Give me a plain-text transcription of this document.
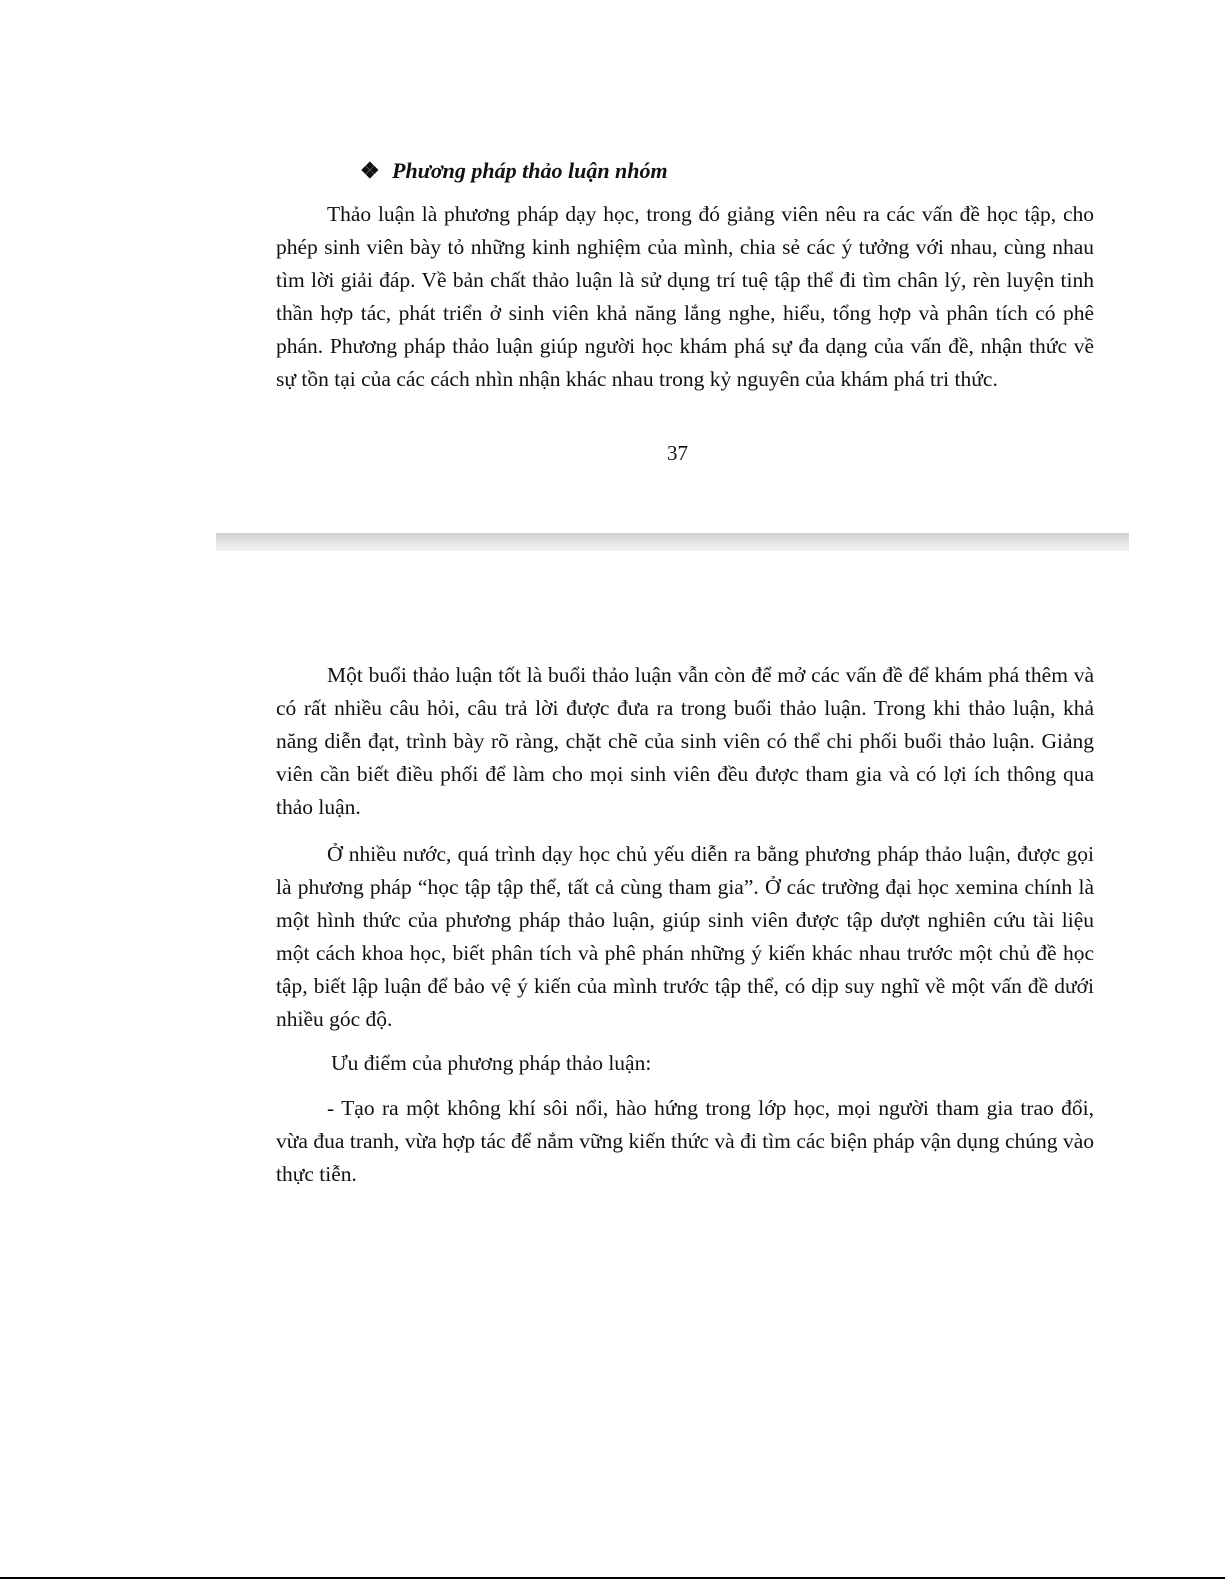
❖ Phương pháp thảo luận nhóm

Thảo luận là phương pháp dạy học, trong đó giảng viên nêu ra các vấn đề học tập, cho phép sinh viên bày tỏ những kinh nghiệm của mình, chia sẻ các ý tưởng với nhau, cùng nhau tìm lời giải đáp. Về bản chất thảo luận là sử dụng trí tuệ tập thể đi tìm chân lý, rèn luyện tinh thần hợp tác, phát triển ở sinh viên khả năng lắng nghe, hiểu, tổng hợp và phân tích có phê phán. Phương pháp thảo luận giúp người học khám phá sự đa dạng của vấn đề, nhận thức về sự tồn tại của các cách nhìn nhận khác nhau trong kỷ nguyên của khám phá tri thức.

37

Một buổi thảo luận tốt là buổi thảo luận vẫn còn để mở các vấn đề để khám phá thêm và có rất nhiều câu hỏi, câu trả lời được đưa ra trong buổi thảo luận. Trong khi thảo luận, khả năng diễn đạt, trình bày rõ ràng, chặt chẽ của sinh viên có thể chi phối buổi thảo luận. Giảng viên cần biết điều phối để làm cho mọi sinh viên đều được tham gia và có lợi ích thông qua thảo luận.

Ở nhiều nước, quá trình dạy học chủ yếu diễn ra bằng phương pháp thảo luận, được gọi là phương pháp “học tập tập thể, tất cả cùng tham gia”. Ở các trường đại học xemina chính là một hình thức của phương pháp thảo luận, giúp sinh viên được tập dượt nghiên cứu tài liệu một cách khoa học, biết phân tích và phê phán những ý kiến khác nhau trước một chủ đề học tập, biết lập luận để bảo vệ ý kiến của mình trước tập thể, có dịp suy nghĩ về một vấn đề dưới nhiều góc độ.

Ưu điểm của phương pháp thảo luận:

- Tạo ra một không khí sôi nổi, hào hứng trong lớp học, mọi người tham gia trao đổi, vừa đua tranh, vừa hợp tác để nắm vững kiến thức và đi tìm các biện pháp vận dụng chúng vào thực tiễn.
